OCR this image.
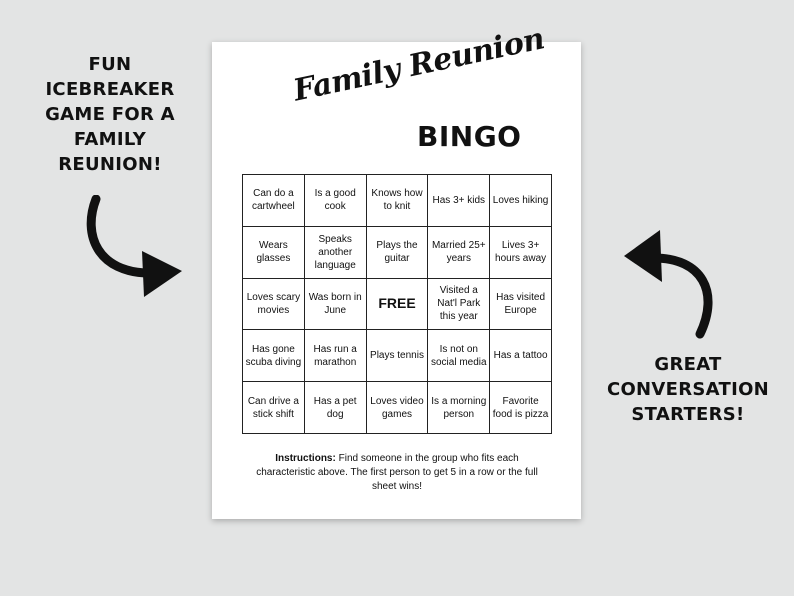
FUN
ICEBREAKER
GAME FOR A
FAMILY
REUNION!
GREAT
CONVERSATION
STARTERS!
Family Reunion
BINGO
Can do a cartwheel
Is a good cook
Knows how to knit
Has 3+ kids Loves hiking
Wears glasses
Speaks another language
Plays the guitar
Married 25+ years
Lives 3+ hours away
Loves scary movies
Was born in June	FREE
Visited a Nat'l Park this year
Has visited Europe
Has gone scuba diving
Has run a marathon
Plays tennis
Is not on social media
Has a tattoo
Can drive a stick shift
Has a pet dog
Loves video games
Is a morning person
Favorite food is pizza
Instructions: Find someone in the group who fits each characteristic above. The first person to get 5 in a row or the full sheet wins!
